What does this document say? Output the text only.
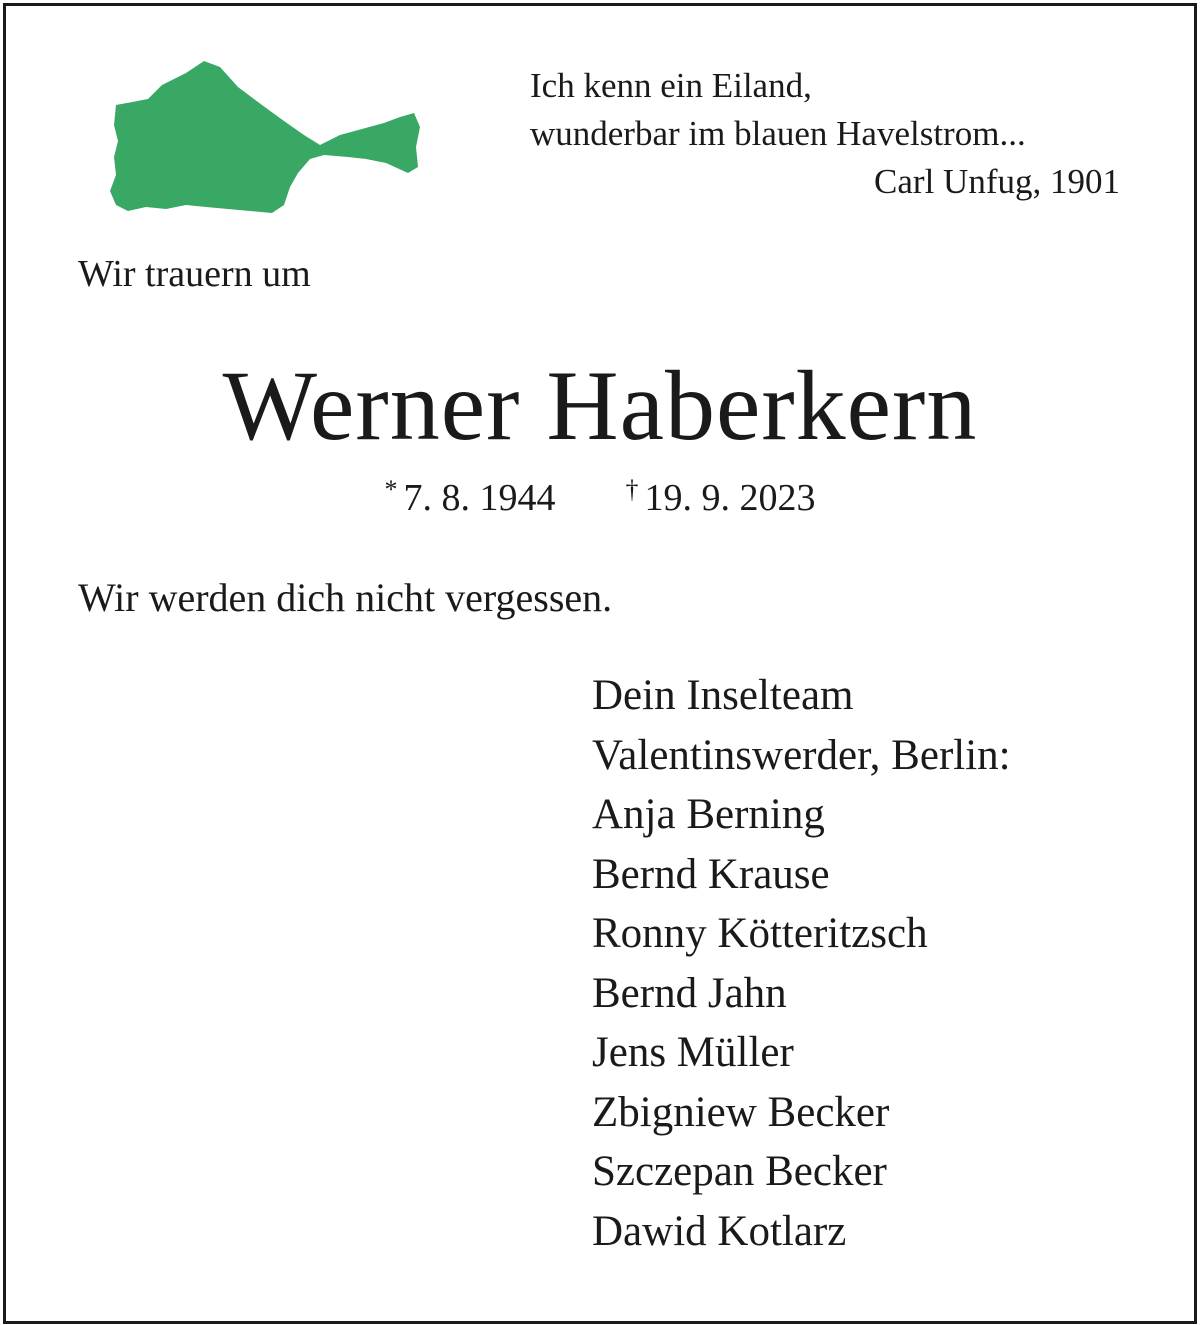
Ich kenn ein Eiland,
wunderbar im blauen Havelstrom...
Carl Unfug, 1901
Wir trauern um
Werner Haberkern
* 7. 8. 1944	† 19. 9. 2023
Wir werden dich nicht vergessen.
Dein Inselteam
Valentinswerder, Berlin:
Anja Berning
Bernd Krause
Ronny Kötteritzsch
Bernd Jahn
Jens Müller
Zbigniew Becker
Szczepan Becker
Dawid Kotlarz
